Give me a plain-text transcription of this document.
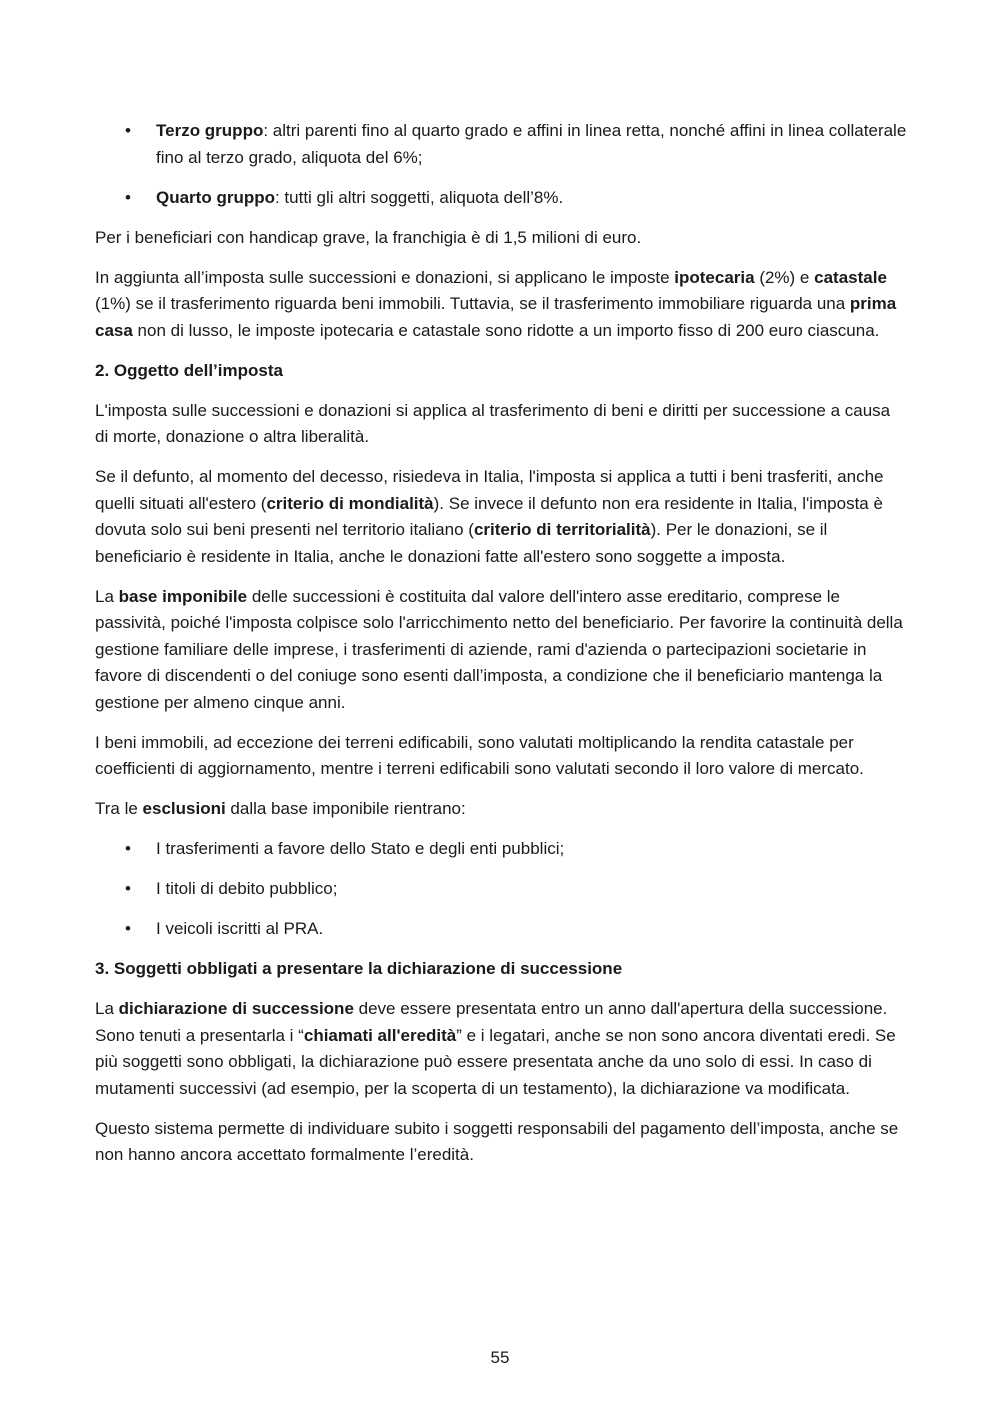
• Terzo gruppo: altri parenti fino al quarto grado e affini in linea retta, nonché affini in linea collaterale fino al terzo grado, aliquota del 6%;
• Quarto gruppo: tutti gli altri soggetti, aliquota dell’8%.

Per i beneficiari con handicap grave, la franchigia è di 1,5 milioni di euro.

In aggiunta all’imposta sulle successioni e donazioni, si applicano le imposte ipotecaria (2%) e catastale (1%) se il trasferimento riguarda beni immobili. Tuttavia, se il trasferimento immobiliare riguarda una prima casa non di lusso, le imposte ipotecaria e catastale sono ridotte a un importo fisso di 200 euro ciascuna.

2. Oggetto dell’imposta

L'imposta sulle successioni e donazioni si applica al trasferimento di beni e diritti per successione a causa di morte, donazione o altra liberalità.

Se il defunto, al momento del decesso, risiedeva in Italia, l'imposta si applica a tutti i beni trasferiti, anche quelli situati all'estero (criterio di mondialità). Se invece il defunto non era residente in Italia, l'imposta è dovuta solo sui beni presenti nel territorio italiano (criterio di territorialità). Per le donazioni, se il beneficiario è residente in Italia, anche le donazioni fatte all'estero sono soggette a imposta.

La base imponibile delle successioni è costituita dal valore dell'intero asse ereditario, comprese le passività, poiché l'imposta colpisce solo l'arricchimento netto del beneficiario. Per favorire la continuità della gestione familiare delle imprese, i trasferimenti di aziende, rami d'azienda o partecipazioni societarie in favore di discendenti o del coniuge sono esenti dall’imposta, a condizione che il beneficiario mantenga la gestione per almeno cinque anni.

I beni immobili, ad eccezione dei terreni edificabili, sono valutati moltiplicando la rendita catastale per coefficienti di aggiornamento, mentre i terreni edificabili sono valutati secondo il loro valore di mercato.

Tra le esclusioni dalla base imponibile rientrano:

• I trasferimenti a favore dello Stato e degli enti pubblici;
• I titoli di debito pubblico;
• I veicoli iscritti al PRA.

3. Soggetti obbligati a presentare la dichiarazione di successione

La dichiarazione di successione deve essere presentata entro un anno dall'apertura della successione. Sono tenuti a presentarla i “chiamati all'eredità” e i legatari, anche se non sono ancora diventati eredi. Se più soggetti sono obbligati, la dichiarazione può essere presentata anche da uno solo di essi. In caso di mutamenti successivi (ad esempio, per la scoperta di un testamento), la dichiarazione va modificata.

Questo sistema permette di individuare subito i soggetti responsabili del pagamento dell’imposta, anche se non hanno ancora accettato formalmente l’eredità.

55
